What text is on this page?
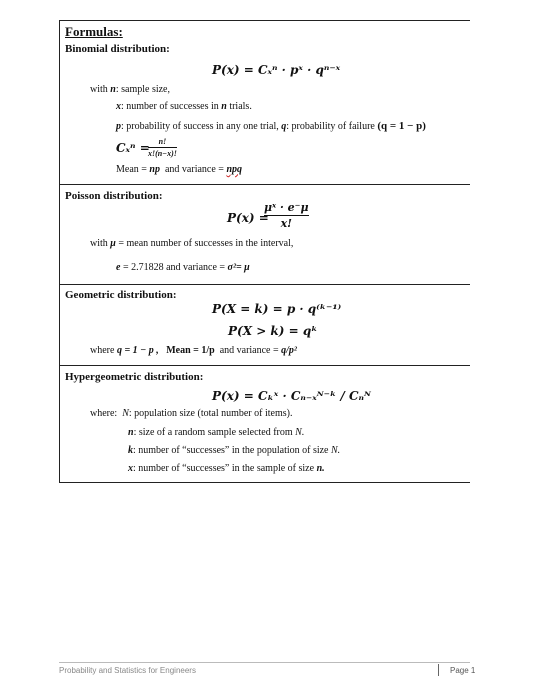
Formulas:
Binomial distribution:
P(x) = Cₓⁿ · pˣ · qⁿ⁻ˣ
with n: sample size,
x: number of successes in n trials.
p: probability of success in any one trial, q: probability of failure (q = 1 − p)
Cₓⁿ =	n!
x!(n−x)!
Mean = np and variance = npq
Poisson distribution:
P(x) =
μˣ · e⁻μ
x!
with μ = mean number of successes in the interval,
e = 2.71828 and variance = σ²= μ
Geometric distribution:
P(X = k) = p · q⁽ᵏ⁻¹⁾
P(X > k) = qᵏ
where q = 1 − p , Mean = 1/p and variance = q/p²
Hypergeometric distribution:
P(x) = Cₖˣ · Cₙ₋ₓᴺ⁻ᵏ / Cₙᴺ
where: N: population size (total number of items).
n: size of a random sample selected from N.
k: number of “successes” in the population of size N.
x: number of “successes” in the sample of size n.
Probability and Statistics for Engineers	Page 1
